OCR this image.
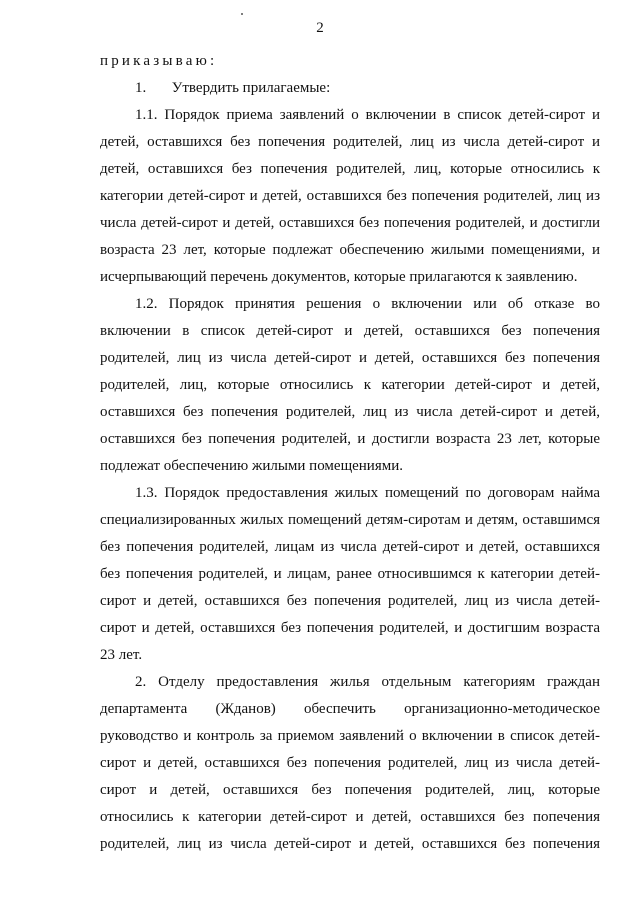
2
приказываю:
1. Утвердить прилагаемые:
1.1. Порядок приема заявлений о включении в список детей-сирот и
детей, оставшихся без попечения родителей, лиц из числа детей-сирот и
детей, оставшихся без попечения родителей, лиц, которые относились к
категории детей-сирот и детей, оставшихся без попечения родителей, лиц из
числа детей-сирот и детей, оставшихся без попечения родителей, и достигли
возраста 23 лет, которые подлежат обеспечению жилыми помещениями, и
исчерпывающий перечень документов, которые прилагаются к заявлению.
1.2. Порядок принятия решения о включении или об отказе во
включении в список детей-сирот и детей, оставшихся без попечения
родителей, лиц из числа детей-сирот и детей, оставшихся без попечения
родителей, лиц, которые относились к категории детей-сирот и детей,
оставшихся без попечения родителей, лиц из числа детей-сирот и детей,
оставшихся без попечения родителей, и достигли возраста 23 лет, которые
подлежат обеспечению жилыми помещениями.
1.3. Порядок предоставления жилых помещений по договорам найма
специализированных жилых помещений детям-сиротам и детям, оставшимся
без попечения родителей, лицам из числа детей-сирот и детей, оставшихся
без попечения родителей, и лицам, ранее относившимся к категории детей-
сирот и детей, оставшихся без попечения родителей, лиц из числа детей-
сирот и детей, оставшихся без попечения родителей, и достигшим возраста
23 лет.
2. Отделу предоставления жилья отдельным категориям граждан
департамента (Жданов) обеспечить организационно-методическое
руководство и контроль за приемом заявлений о включении в список детей-
сирот и детей, оставшихся без попечения родителей, лиц из числа детей-
сирот и детей, оставшихся без попечения родителей, лиц, которые
относились к категории детей-сирот и детей, оставшихся без попечения
родителей, лиц из числа детей-сирот и детей, оставшихся без попечения
